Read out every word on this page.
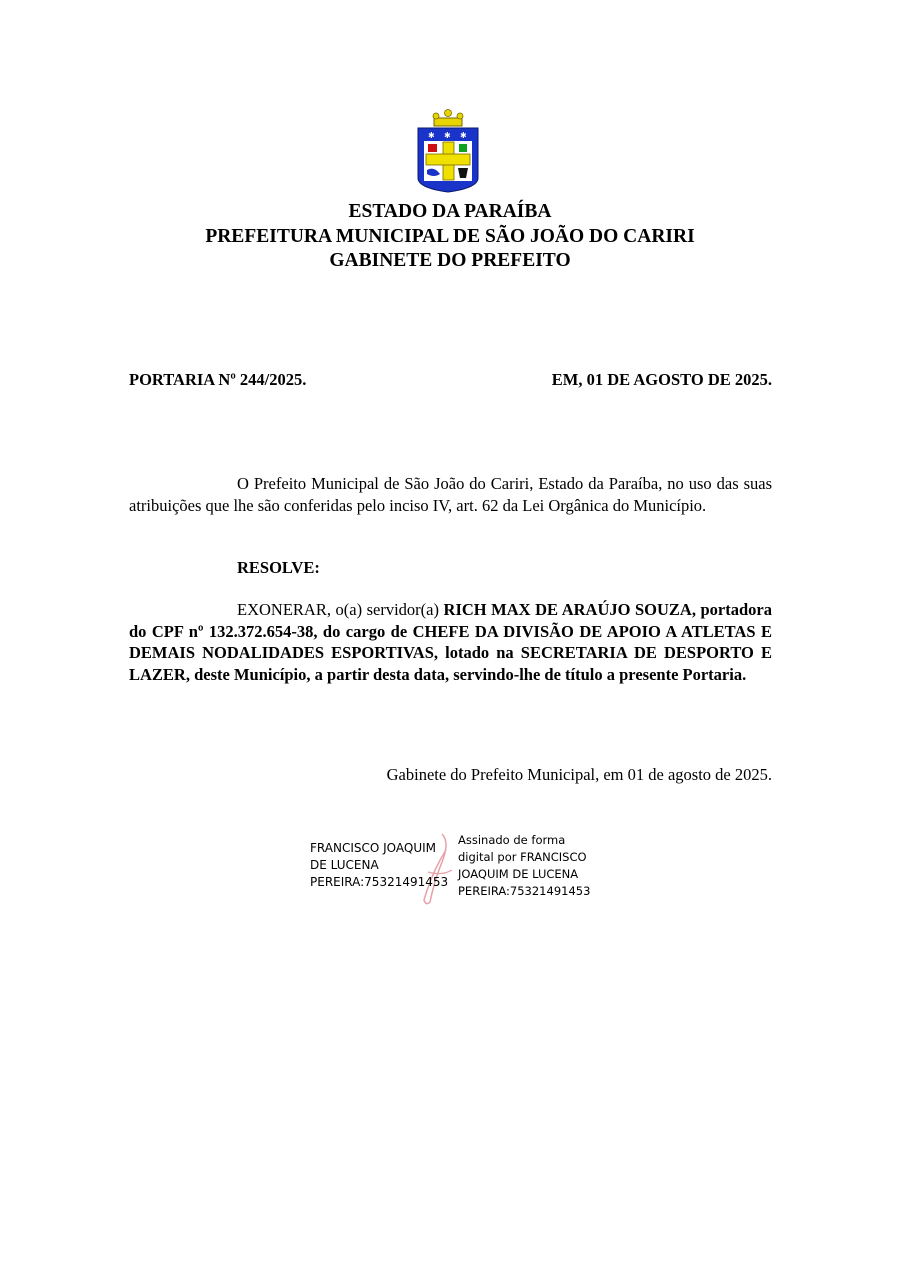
✱ ✱ ✱
ESTADO DA PARAÍBA
PREFEITURA MUNICIPAL DE SÃO JOÃO DO CARIRI
GABINETE DO PREFEITO
PORTARIA Nº 244/2025.	EM, 01 DE AGOSTO DE 2025.
O Prefeito Municipal de São João do Cariri, Estado da Paraíba, no uso das suas atribuições que lhe são conferidas pelo inciso IV, art. 62 da Lei Orgânica do Município.
RESOLVE:
EXONERAR, o(a) servidor(a) RICH MAX DE ARAÚJO SOUZA, portadora do CPF nº 132.372.654-38, do cargo de CHEFE DA DIVISÃO DE APOIO A ATLETAS E DEMAIS NODALIDADES ESPORTIVAS, lotado na SECRETARIA DE DESPORTO E LAZER, deste Município, a partir desta data, servindo-lhe de título a presente Portaria.
Gabinete do Prefeito Municipal, em 01 de agosto de 2025.
FRANCISCO JOAQUIM
DE LUCENA
PEREIRA:75321491453
Assinado de forma
digital por FRANCISCO
JOAQUIM DE LUCENA
PEREIRA:75321491453
